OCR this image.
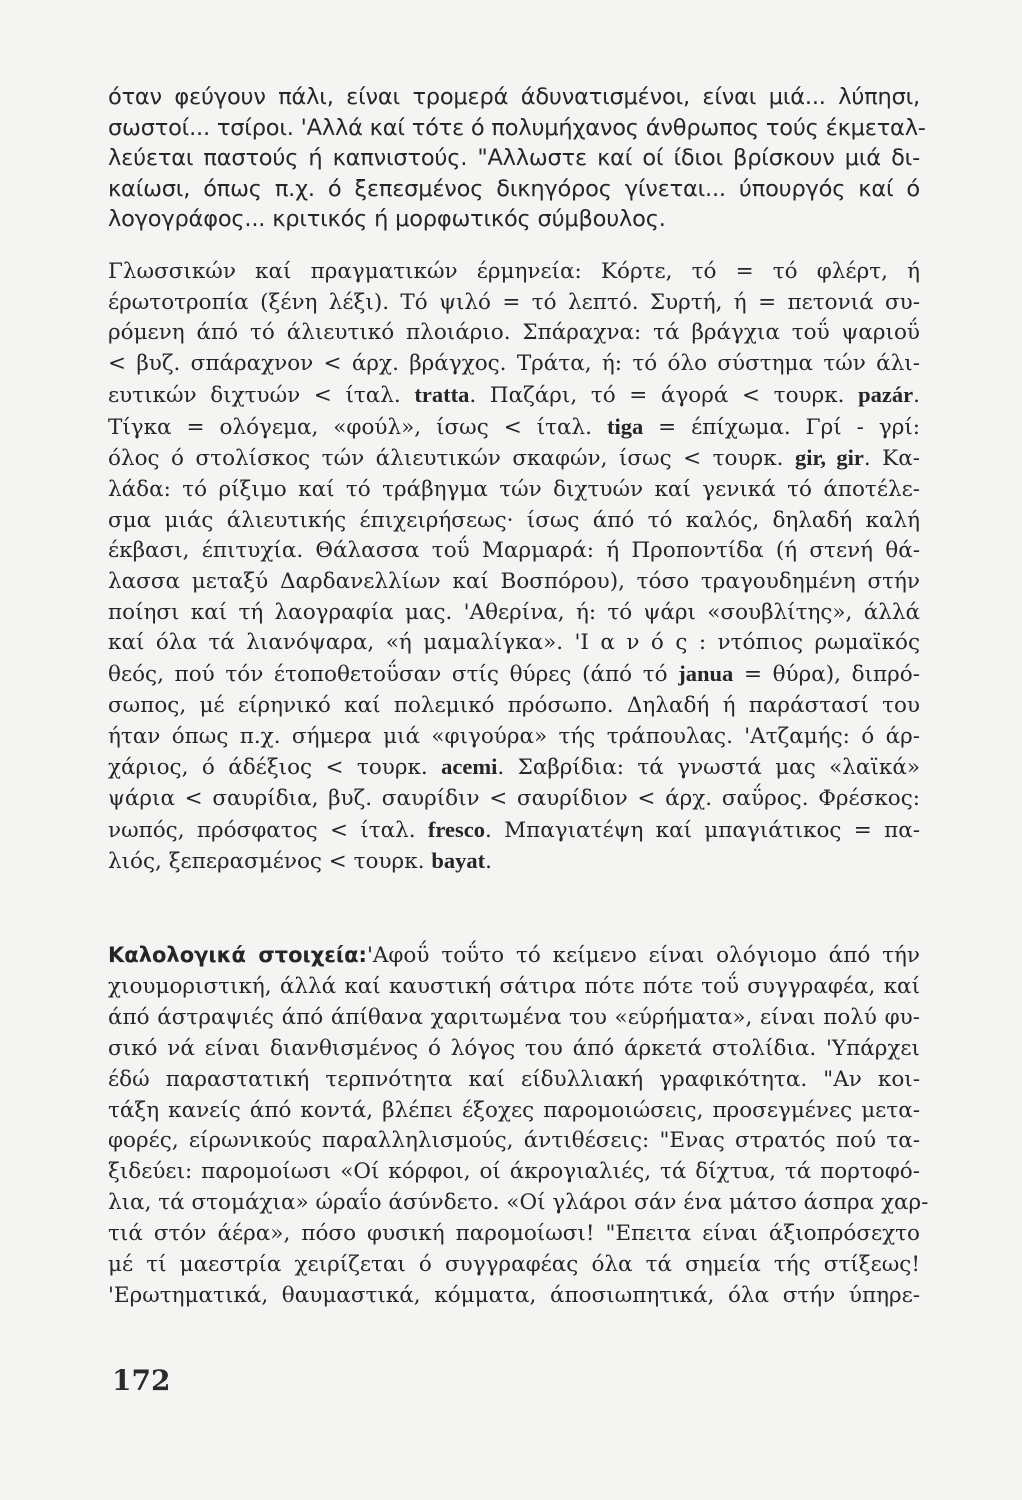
όταν φεύγουν πάλι, είναι τρομερά άδυνατισμένοι, είναι μιά... λύπησι,
σωστοί... τσίροι. 'Αλλά καί τότε ό πολυμήχανος άνθρωπος τούς έκμεταλ-
λεύεται παστούς ή καπνιστούς. "Αλλωστε καί οί ίδιοι βρίσκουν μιά δι-
καίωσι, όπως π.χ. ό ξεπεσμένος δικηγόρος γίνεται... ύπουργός καί ό
λογογράφος... κριτικός ή μορφωτικός σύμβουλος.
Γλωσσικών καί πραγματικών έρμηνεία: Κόρτε, τό = τό φλέρτ, ή
έρωτοτροπία (ξένη λέξι). Τό ψιλό = τό λεπτό. Συρτή, ή = πετονιά συ-
ρόμενη άπό τό άλιευτικό πλοιάριο. Σπάραχνα: τά βράγχια τοΰ ψαριοΰ
< βυζ. σπάραχνον < άρχ. βράγχος. Τράτα, ή: τό όλο σύστημα τών άλι-
ευτικών διχτυών < ίταλ. tratta. Παζάρι, τό = άγορά < τουρκ. pazár.
Τίγκα = ολόγεμα, «φούλ», ίσως < ίταλ. tiga = έπίχωμα. Γρί - γρί:
όλος ό στολίσκος τών άλιευτικών σκαφών, ίσως < τουρκ. gir, gir. Κα-
λάδα: τό ρίξιμο καί τό τράβηγμα τών διχτυών καί γενικά τό άποτέλε-
σμα μιάς άλιευτικής έπιχειρήσεως· ίσως άπό τό καλός, δηλαδή καλή
έκβασι, έπιτυχία. Θάλασσα τοΰ Μαρμαρά: ή Προποντίδα (ή στενή θά-
λασσα μεταξύ Δαρδανελλίων καί Βοσπόρου), τόσο τραγουδημένη στήν
ποίησι καί τή λαογραφία μας. 'Αθερίνα, ή: τό ψάρι «σουβλίτης», άλλά
καί όλα τά λιανόψαρα, «ή μαμαλίγκα». 'Ι α ν ό ς : ντόπιος ρωμαϊκός
θεός, πού τόν έτοποθετοΰσαν στίς θύρες (άπό τό janua = θύρα), διπρό-
σωπος, μέ είρηνικό καί πολεμικό πρόσωπο. Δηλαδή ή παράστασί του
ήταν όπως π.χ. σήμερα μιά «φιγούρα» τής τράπουλας. 'Ατζαμής: ό άρ-
χάριος, ό άδέξιος < τουρκ. acemi. Σαβρίδια: τά γνωστά μας «λαϊκά»
ψάρια < σαυρίδια, βυζ. σαυρίδιν < σαυρίδιον < άρχ. σαΰρος. Φρέσκος:
νωπός, πρόσφατος < ίταλ. fresco. Μπαγιατέψη καί μπαγιάτικος = πα-
λιός, ξεπερασμένος < τουρκ. bayat.
Καλολογικά στοιχεία:'Αφοΰ τοΰτο τό κείμενο είναι ολόγιομο άπό τήν
χιουμοριστική, άλλά καί καυστική σάτιρα πότε πότε τοΰ συγγραφέα, καί
άπό άστραψιές άπό άπίθανα χαριτωμένα του «εύρήματα», είναι πολύ φυ-
σικό νά είναι διανθισμένος ό λόγος του άπό άρκετά στολίδια. 'Υπάρχει
έδώ παραστατική τερπνότητα καί είδυλλιακή γραφικότητα. "Αν κοι-
τάξη κανείς άπό κοντά, βλέπει έξοχες παρομοιώσεις, προσεγμένες μετα-
φορές, είρωνικούς παραλληλισμούς, άντιθέσεις: "Ενας στρατός πού τα-
ξιδεύει: παρομοίωσι «Οί κόρφοι, οί άκρογιαλιές, τά δίχτυα, τά πορτοφό-
λια, τά στομάχια» ώραΐο άσύνδετο. «Οί γλάροι σάν ένα μάτσο άσπρα χαρ-
τιά στόν άέρα», πόσο φυσική παρομοίωσι! "Επειτα είναι άξιοπρόσεχτο
μέ τί μαεστρία χειρίζεται ό συγγραφέας όλα τά σημεία τής στίξεως!
'Ερωτηματικά, θαυμαστικά, κόμματα, άποσιωπητικά, όλα στήν ύπηρε-
172
